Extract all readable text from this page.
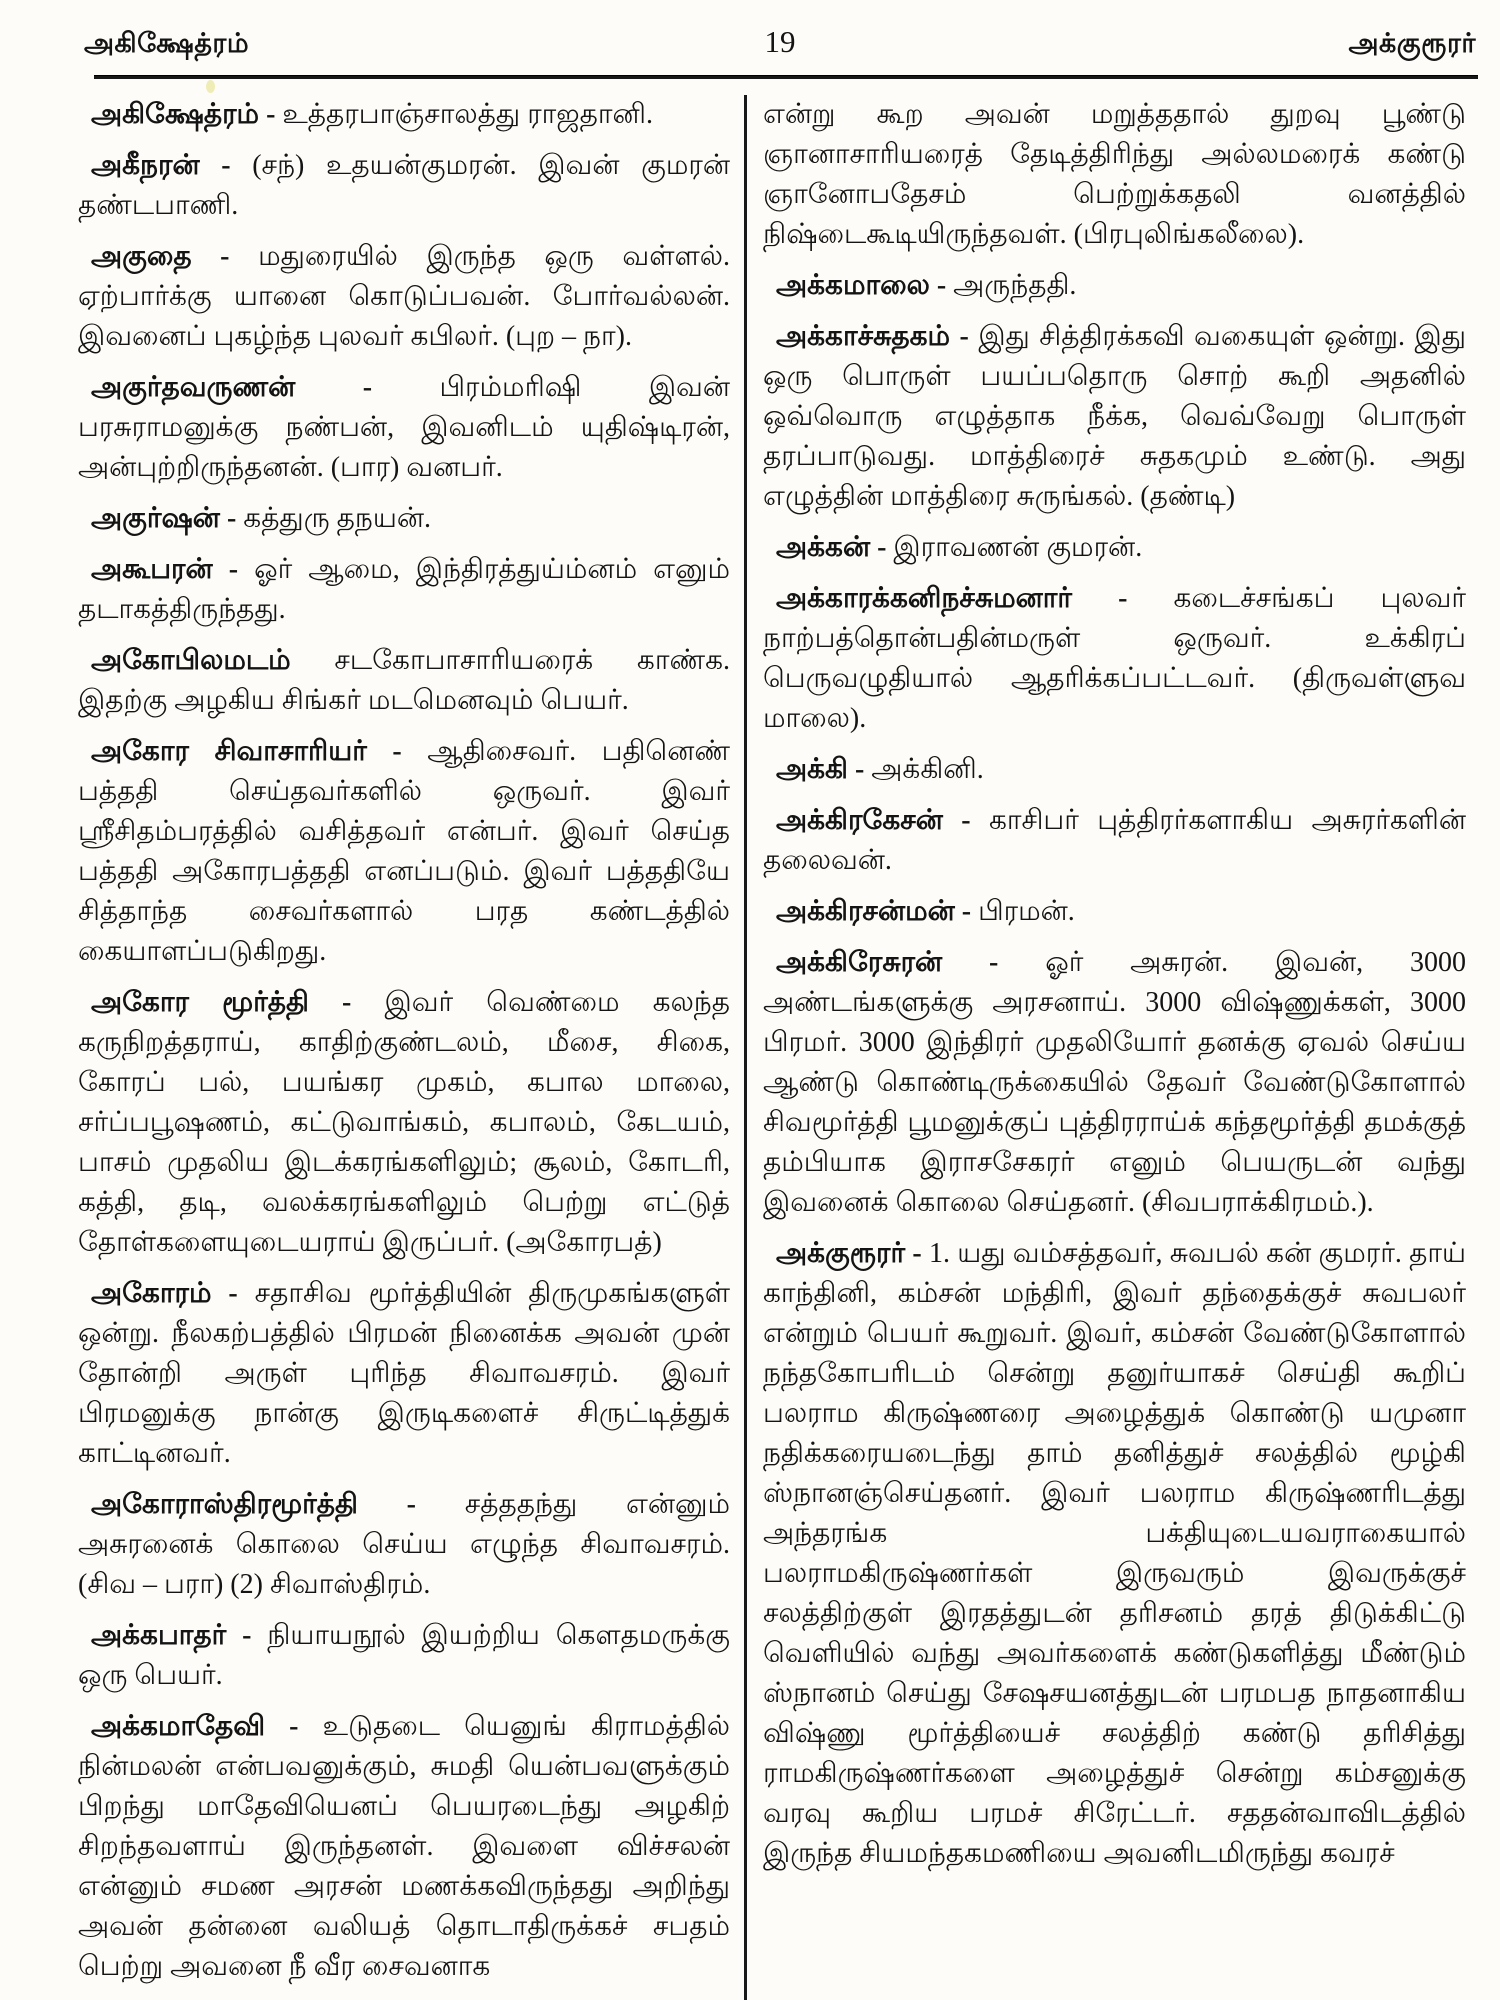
அகிக்ஷேத்ரம்	19	அக்குரூரர்

அகிக்ஷேத்ரம் - உத்தரபாஞ்சாலத்து ராஜதானி.

அகீநரன் - (சந்) உதயன்குமரன். இவன் குமரன் தண்டபாணி.

அகுதை - மதுரையில் இருந்த ஒரு வள்ளல். ஏற்பார்க்கு யானை கொடுப்பவன். போர்வல்லன். இவனைப் புகழ்ந்த புலவர் கபிலர். (புற – நா).

அகுர்தவருணன் - பிரம்மரிஷி இவன் பரசுராமனுக்கு நண்பன், இவனிடம் யுதிஷ்டிரன், அன்புற்றிருந்தனன். (பார) வனபர்.

அகுர்ஷன் - கத்துரு தநயன்.

அகூபரன் - ஓர் ஆமை, இந்திரத்துய்ம்னம் எனும் தடாகத்திருந்தது.

அகோபிலமடம் சடகோபாசாரியரைக் காண்க. இதற்கு அழகிய சிங்கர் மடமெனவும் பெயர்.

அகோர சிவாசாரியர் - ஆதிசைவர். பதினெண் பத்ததி செய்தவர்களில் ஒருவர். இவர் ஸ்ரீசிதம்பரத்தில் வசித்தவர் என்பர். இவர் செய்த பத்ததி அகோரபத்ததி எனப்படும். இவர் பத்ததியே சித்தாந்த சைவர்களால் பரத கண்டத்தில் கையாளப்படுகிறது.

அகோர மூர்த்தி - இவர் வெண்மை கலந்த கருநிறத்தராய், காதிற்குண்டலம், மீசை, சிகை, கோரப் பல், பயங்கர முகம், கபால மாலை, சர்ப்பபூஷணம், கட்டுவாங்கம், கபாலம், கேடயம், பாசம் முதலிய இடக்கரங்களிலும்; சூலம், கோடரி, கத்தி, தடி, வலக்கரங்களிலும் பெற்று எட்டுத் தோள்களையுடையராய் இருப்பர். (அகோரபத்)

அகோரம் - சதாசிவ மூர்த்தியின் திருமுகங்களுள் ஒன்று. நீலகற்பத்தில் பிரமன் நினைக்க அவன் முன் தோன்றி அருள் புரிந்த சிவாவசரம். இவர் பிரமனுக்கு நான்கு இருடிகளைச் சிருட்டித்துக் காட்டினவர்.

அகோராஸ்திரமூர்த்தி - சத்ததந்து என்னும் அசுரனைக் கொலை செய்ய எழுந்த சிவாவசரம். (சிவ – பரா) (2) சிவாஸ்திரம்.

அக்கபாதர் - நியாயநூல் இயற்றிய கௌதமருக்கு ஒரு பெயர்.

அக்கமாதேவி - உடுதடை யெனுங் கிராமத்தில் நின்மலன் என்பவனுக்கும், சுமதி யென்பவளுக்கும் பிறந்து மாதேவியெனப் பெயரடைந்து அழகிற் சிறந்தவளாய் இருந்தனள். இவளை விச்சலன் என்னும் சமண அரசன் மணக்கவிருந்தது அறிந்து அவன் தன்னை வலியத் தொடாதிருக்கச் சபதம் பெற்று அவனை நீ வீர சைவனாக

என்று கூற அவன் மறுத்ததால் துறவு பூண்டு ஞானாசாரியரைத் தேடித்திரிந்து அல்லமரைக் கண்டு ஞானோபதேசம் பெற்றுக்கதலி வனத்தில் நிஷ்டைகூடியிருந்தவள். (பிரபுலிங்கலீலை).

அக்கமாலை - அருந்ததி.

அக்காச்சுதகம் - இது சித்திரக்கவி வகையுள் ஒன்று. இது ஒரு பொருள் பயப்பதொரு சொற் கூறி அதனில் ஒவ்வொரு எழுத்தாக நீக்க, வெவ்வேறு பொருள் தரப்பாடுவது. மாத்திரைச் சுதகமும் உண்டு. அது எழுத்தின் மாத்திரை சுருங்கல். (தண்டி)

அக்கன் - இராவணன் குமரன்.

அக்காரக்கனிநச்சுமனார் - கடைச்சங்கப் புலவர் நாற்பத்தொன்பதின்மருள் ஒருவர். உக்கிரப் பெருவழுதியால் ஆதரிக்கப்பட்டவர். (திருவள்ளுவ மாலை).

அக்கி - அக்கினி.

அக்கிரகேசன் - காசிபர் புத்திரர்களாகிய அசுரர்களின் தலைவன்.

அக்கிரசன்மன் - பிரமன்.

அக்கிரேசுரன் - ஓர் அசுரன். இவன், 3000 அண்டங்களுக்கு அரசனாய். 3000 விஷ்ணுக்கள், 3000 பிரமர். 3000 இந்திரர் முதலியோர் தனக்கு ஏவல் செய்ய ஆண்டு கொண்டிருக்கையில் தேவர் வேண்டுகோளால் சிவமூர்த்தி பூமனுக்குப் புத்திரராய்க் கந்தமூர்த்தி தமக்குத் தம்பியாக இராசசேகரர் எனும் பெயருடன் வந்து இவனைக் கொலை செய்தனர். (சிவபராக்கிரமம்.).

அக்குரூரர் - 1. யது வம்சத்தவர், சுவபல் கன் குமரர். தாய் காந்தினி, கம்சன் மந்திரி, இவர் தந்தைக்குச் சுவபலர் என்றும் பெயர் கூறுவர். இவர், கம்சன் வேண்டுகோளால் நந்தகோபரிடம் சென்று தனுர்யாகச் செய்தி கூறிப் பலராம கிருஷ்ணரை அழைத்துக் கொண்டு யமுனா நதிக்கரையடைந்து தாம் தனித்துச் சலத்தில் மூழ்கி ஸ்நானஞ்செய்தனர். இவர் பலராம கிருஷ்ணரிடத்து அந்தரங்க பக்தியுடையவராகையால் பலராமகிருஷ்ணர்கள் இருவரும் இவருக்குச் சலத்திற்குள் இரதத்துடன் தரிசனம் தரத் திடுக்கிட்டு வெளியில் வந்து அவர்களைக் கண்டுகளித்து மீண்டும் ஸ்நானம் செய்து சேஷசயனத்துடன் பரமபத நாதனாகிய விஷ்ணு மூர்த்தியைச் சலத்திற் கண்டு தரிசித்து ராமகிருஷ்ணர்களை அழைத்துச் சென்று கம்சனுக்கு வரவு கூறிய பரமச் சிரேட்டர். சததன்வாவிடத்தில் இருந்த சியமந்தகமணியை அவனிடமிருந்து கவரச்
